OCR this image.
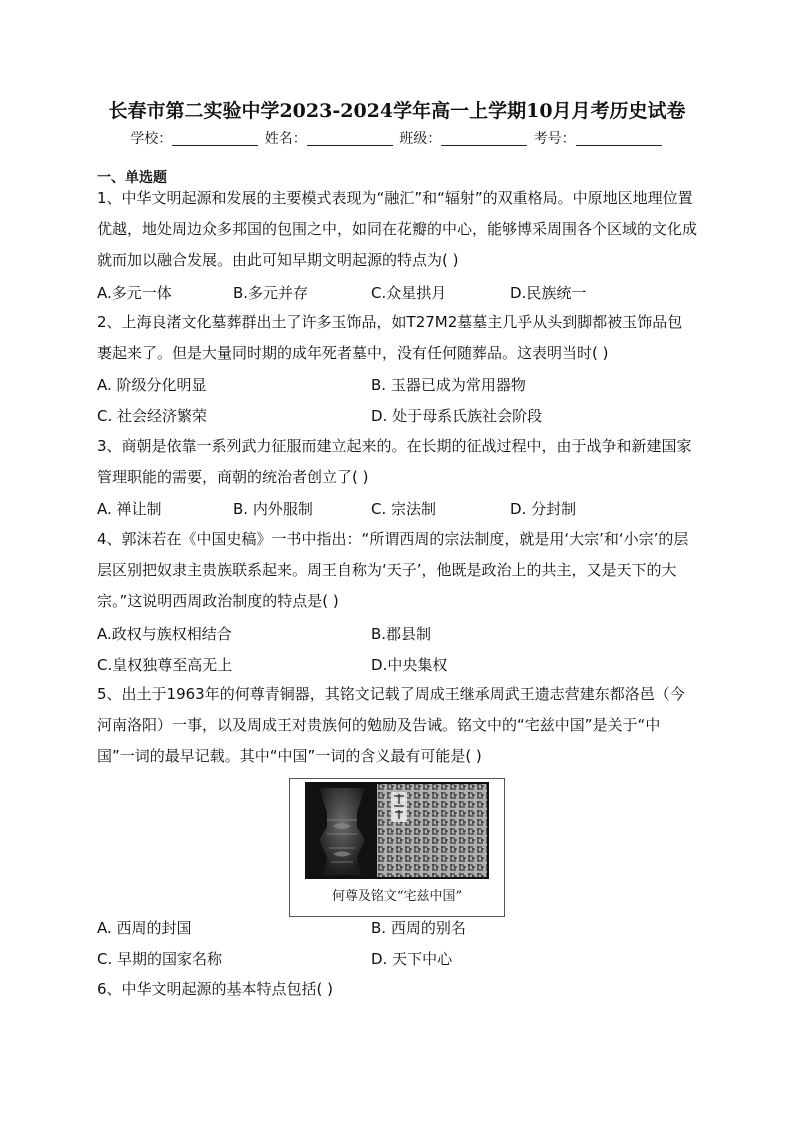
长春市第二实验中学2023-2024学年高一上学期10月月考历史试卷
学校：	姓名：	班级：	考号：
一、单选题
1、中华文明起源和发展的主要模式表现为“融汇”和“辐射”的双重格局。中原地区地理位置优越，地处周边众多邦国的包围之中，如同在花瓣的中心，能够博采周围各个区域的文化成就而加以融合发展。由此可知早期文明起源的特点为( )
A.多元一体	B.多元并存	C.众星拱月	D.民族统一
2、上海良渚文化墓葬群出土了许多玉饰品，如T27M2墓墓主几乎从头到脚都被玉饰品包裹起来了。但是大量同时期的成年死者墓中，没有任何随葬品。这表明当时( )
A. 阶级分化明显	B. 玉器已成为常用器物
C. 社会经济繁荣	D. 处于母系氏族社会阶段
3、商朝是依靠一系列武力征服而建立起来的。在长期的征战过程中，由于战争和新建国家管理职能的需要，商朝的统治者创立了( )
A. 禅让制	B. 内外服制	C. 宗法制	D. 分封制
4、郭沫若在《中国史稿》一书中指出：“所谓西周的宗法制度，就是用‘大宗’和‘小宗’的层层区别把奴隶主贵族联系起来。周王自称为‘天子’，他既是政治上的共主，又是天下的大宗。”这说明西周政治制度的特点是( )
A.政权与族权相结合	B.郡县制
C.皇权独尊至高无上	D.中央集权
5、出土于1963年的何尊青铜器，其铭文记载了周成王继承周武王遗志营建东都洛邑（今河南洛阳）一事，以及周成王对贵族何的勉励及告诫。铭文中的“宅兹中国”是关于“中国”一词的最早记载。其中“中国”一词的含义最有可能是( )
何尊及铭文“宅兹中国”
A. 西周的封国	B. 西周的别名
C. 早期的国家名称	D. 天下中心
6、中华文明起源的基本特点包括( )
